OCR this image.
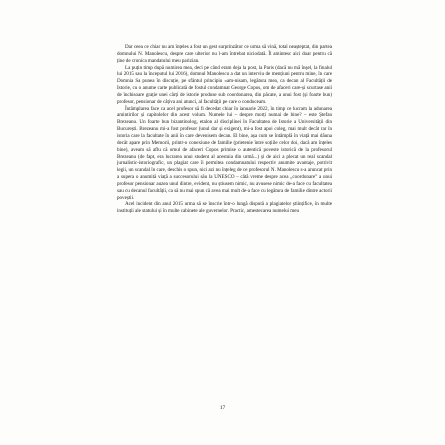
Dar ceea ce chiar nu am înțeles a fost un gest surprinzător ce urma să vină, total neașteptat, din partea domnului N. Manolescu, despre care ulterior nu l-am întrebat niciodată. Îl amintesc aici doar pentru că ține de cronica mandatului meu parizian.

La puțin timp după numirea mea, deci pe când eram deja la post, la Paris (dacă nu mă înșel, la finalul lui 2015 sau la începutul lui 2016), domnul Manolescu a dat un interviu de mențiuni pentru mine, în care Domnia Sa punea în discuție, pe sfântul principiu «am-nisam, legătura mea, ca decan al Facultății de Istorie, cu o anume carte publicată de fostul condamnat George Copos, om de afaceri care-și scurtase anii de închisoare grație unei cărți de istorie produse sub coordonarea, din păcate, a unui fost (și foarte bun) profesor, pensionar de câțiva ani atunci, al facultății pe care o conduceam.

Întâmplarea face ca acel profesor să fi decedat chiar în ianuarie 2022, în timp ce lucram la adunarea amintirilor și capitolelor din acest volum. Numele lui – despre morți numai de bine? – este Ștefan Brezeanu. Un foarte bun bizantinolog, etalon al disciplinei în Facultatea de Istorie a Universității din București. Brezeanu mi-a fost profesor (unul dar și exigent), mi-a fost apoi coleg, mai mult decât rar în istoria care la facultate în anii în care devenisem decan. El bine, așa cum se întâmplă în viață mai dăuna decât apare prin Memorii, printr-o conexiune de familie (prietenie între soțiile celor doi, dacă am înțeles bine), aveam să aflu că omul de afaceri Copos primise o autentică poveste istorică de la profesorul Brezeanu (de fapt, era lucrarea unui student al acestuia din urmă...) și de aici a plecat un real scandal jurnalistic-istoriografic, un plagiat care îi permitea condamnatului respectiv anumite avantaje, potrivit legii, un scandal în care, deschis o spun, nici azi nu înțeleg de ce profesorul N. Manolescu s-a aruncat prin a supera o anumită viață a succesorului său la UNESCO – câtă vreme despre acea „coordonare” a unui profesor pensionar auzea unul dintre, evident, nu știusem nimic, nu avusese nimic de-a face cu facultatea sau cu decanul facultății, ca să nu mai spun că avea mai mult de-a face cu legătura de familie dintre actorii poveștii.

Acel incident din anul 2015 urma să se înscrie într-o lungă dispută a plagiatelor științifice, în multe instituții ale statului și în multe cabinete ale guvernelor. Practic, amestecarea numelui meu

17
